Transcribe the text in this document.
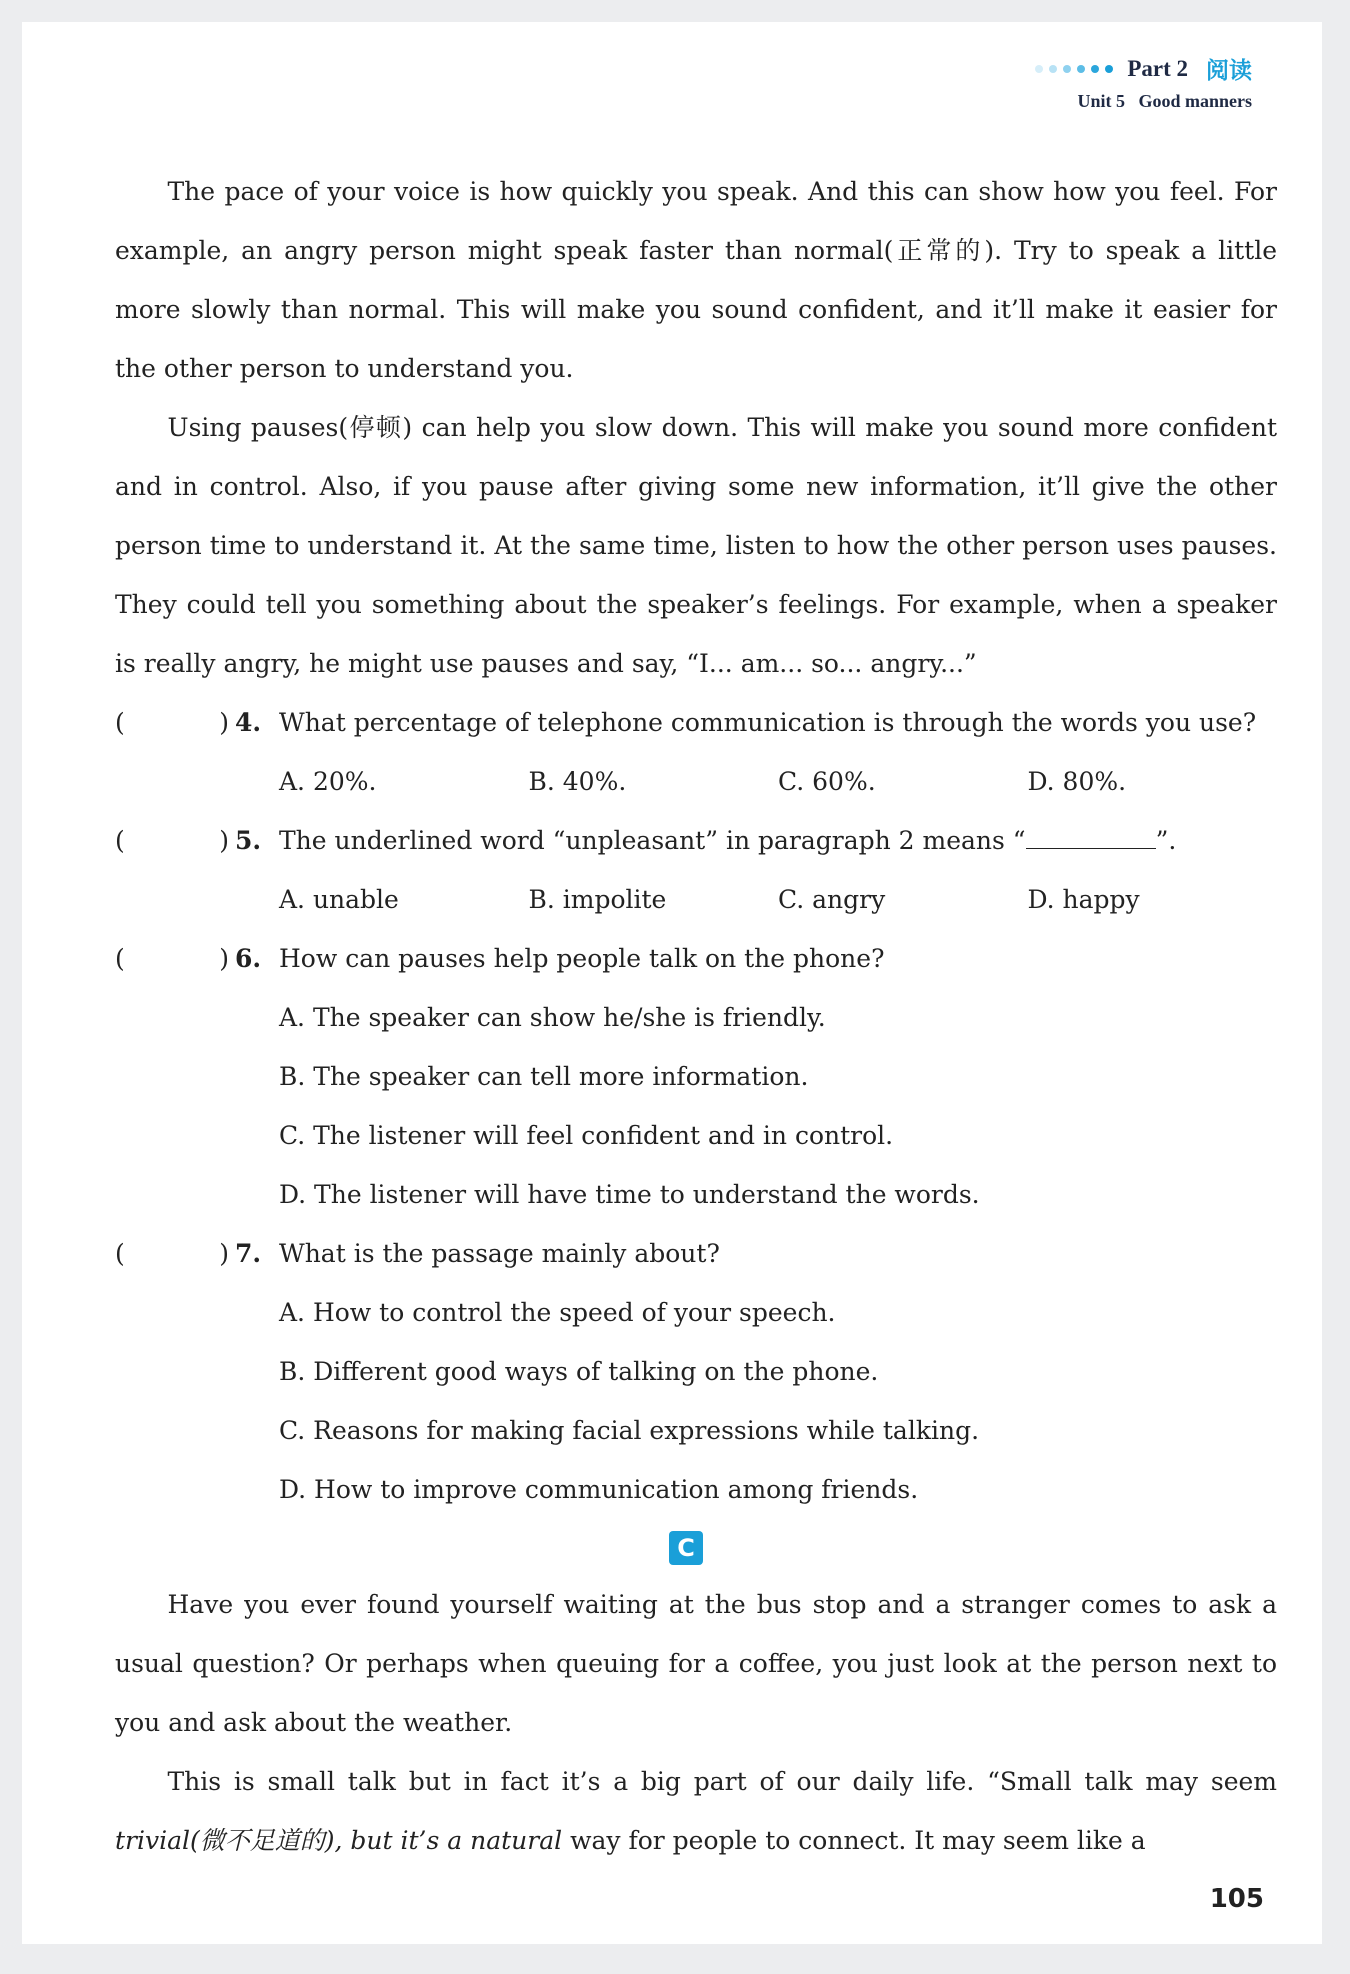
Part 2 阅读
Unit 5 Good manners

The pace of your voice is how quickly you speak. And this can show how you feel. For example, an angry person might speak faster than normal(正常的). Try to speak a little more slowly than normal. This will make you sound confident, and it’ll make it easier for the other person to understand you.

Using pauses(停顿) can help you slow down. This will make you sound more confident and in control. Also, if you pause after giving some new information, it’ll give the other person time to understand it. At the same time, listen to how the other person uses pauses. They could tell you something about the speaker’s feelings. For example, when a speaker is really angry, he might use pauses and say, “I... am... so... angry...”

(	) 4. What percentage of telephone communication is through the words you use?
A. 20%.	B. 40%.	C. 60%.	D. 80%.
(	) 5. The underlined word “unpleasant” in paragraph 2 means “	”.
A. unable	B. impolite	C. angry	D. happy
(	) 6. How can pauses help people talk on the phone?
A. The speaker can show he/she is friendly.
B. The speaker can tell more information.
C. The listener will feel confident and in control.
D. The listener will have time to understand the words.
(	) 7. What is the passage mainly about?
A. How to control the speed of your speech.
B. Different good ways of talking on the phone.
C. Reasons for making facial expressions while talking.
D. How to improve communication among friends.
C

Have you ever found yourself waiting at the bus stop and a stranger comes to ask a usual question? Or perhaps when queuing for a coffee, you just look at the person next to you and ask about the weather.

This is small talk but in fact it’s a big part of our daily life. “Small talk may seem trivial(微不足道的), but it’s a natural way for people to connect. It may seem like a

105
